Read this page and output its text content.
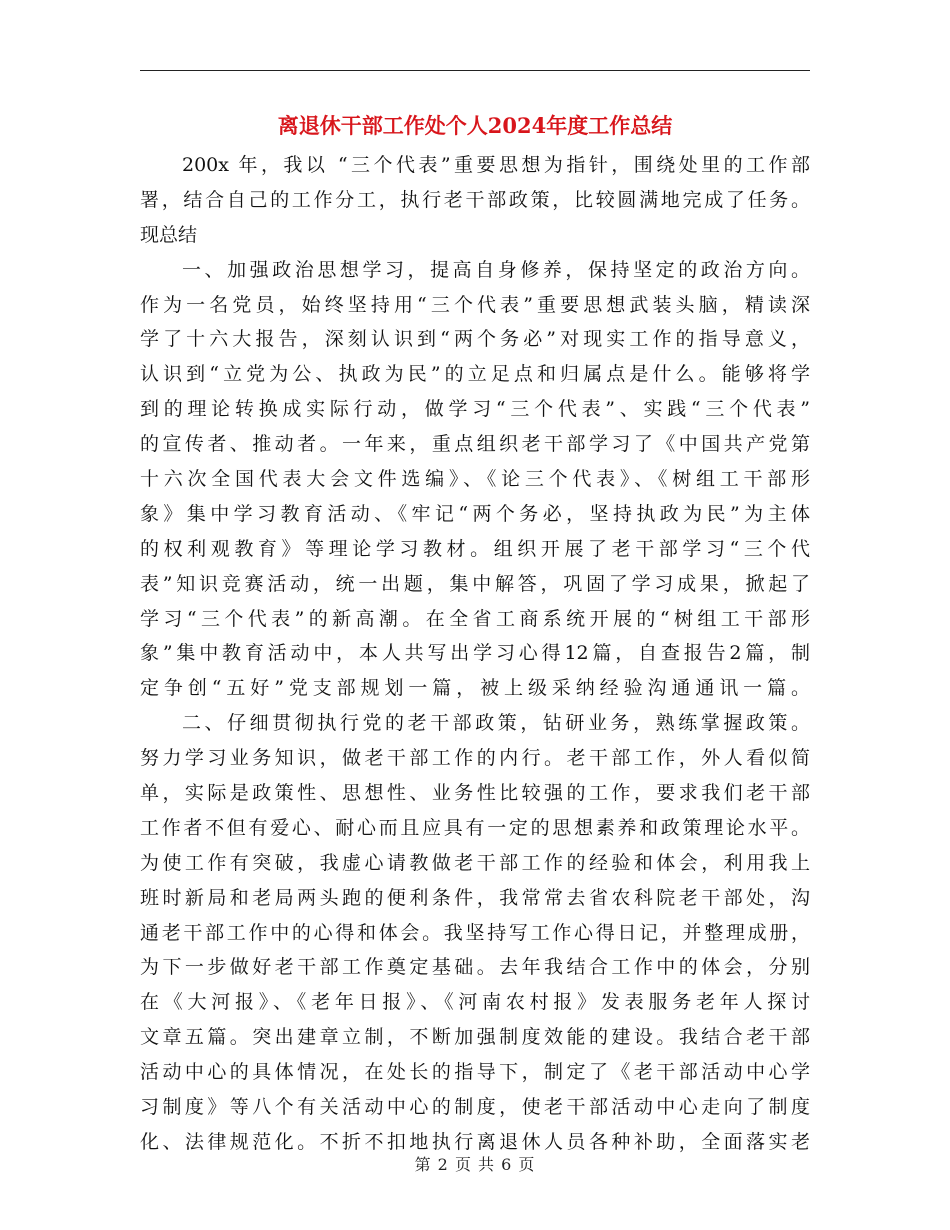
离退休干部工作处个人2024年度工作总结
200x 年，我以 “三个代表”重要思想为指针，围绕处里的工作部
署，结合自己的工作分工，执行老干部政策，比较圆满地完成了任务。
现总结
一、加强政治思想学习，提高自身修养，保持坚定的政治方向。
作为一名党员，始终坚持用“三个代表”重要思想武装头脑，精读深
学了十六大报告，深刻认识到“两个务必”对现实工作的指导意义，
认识到“立党为公、执政为民”的立足点和归属点是什么。能够将学
到的理论转换成实际行动，做学习“三个代表”、实践“三个代表”
的宣传者、推动者。一年来，重点组织老干部学习了《中国共产党第
十六次全国代表大会文件选编》、《论三个代表》、《树组工干部形
象》集中学习教育活动、《牢记“两个务必，坚持执政为民”为主体
的权利观教育》等理论学习教材。组织开展了老干部学习“三个代
表”知识竞赛活动，统一出题，集中解答，巩固了学习成果，掀起了
学习“三个代表”的新高潮。在全省工商系统开展的“树组工干部形
象”集中教育活动中，本人共写出学习心得12篇，自查报告2篇，制
定争创“五好”党支部规划一篇，被上级采纳经验沟通通讯一篇。
二、仔细贯彻执行党的老干部政策，钻研业务，熟练掌握政策。
努力学习业务知识，做老干部工作的内行。老干部工作，外人看似简
单，实际是政策性、思想性、业务性比较强的工作，要求我们老干部
工作者不但有爱心、耐心而且应具有一定的思想素养和政策理论水平。
为使工作有突破，我虚心请教做老干部工作的经验和体会，利用我上
班时新局和老局两头跑的便利条件，我常常去省农科院老干部处，沟
通老干部工作中的心得和体会。我坚持写工作心得日记，并整理成册，
为下一步做好老干部工作奠定基础。去年我结合工作中的体会，分别
在《大河报》、《老年日报》、《河南农村报》发表服务老年人探讨
文章五篇。突出建章立制，不断加强制度效能的建设。我结合老干部
活动中心的具体情况，在处长的指导下，制定了《老干部活动中心学
习制度》等八个有关活动中心的制度，使老干部活动中心走向了制度
化、法律规范化。不折不扣地执行离退休人员各种补助，全面落实老
第 2 页 共 6 页
